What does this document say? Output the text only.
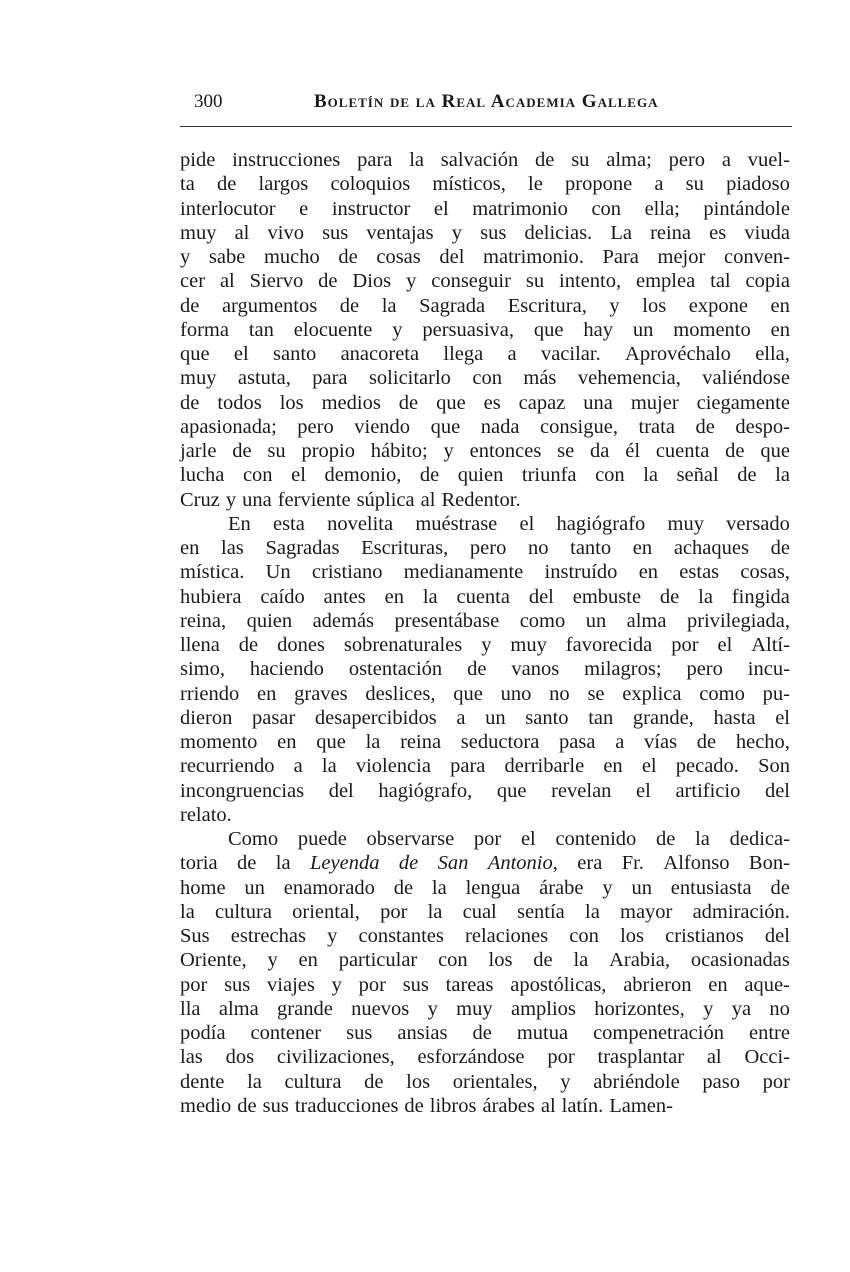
300	Boletín de la Real Academia Gallega
pide instrucciones para la salvación de su alma; pero a vuel-
ta de largos coloquios místicos, le propone a su piadoso
interlocutor e instructor el matrimonio con ella; pintándole
muy al vivo sus ventajas y sus delicias. La reina es viuda
y sabe mucho de cosas del matrimonio. Para mejor conven-
cer al Siervo de Dios y conseguir su intento, emplea tal copia
de argumentos de la Sagrada Escritura, y los expone en
forma tan elocuente y persuasiva, que hay un momento en
que el santo anacoreta llega a vacilar. Aprovéchalo ella,
muy astuta, para solicitarlo con más vehemencia, valiéndose
de todos los medios de que es capaz una mujer ciegamente
apasionada; pero viendo que nada consigue, trata de despo-
jarle de su propio hábito; y entonces se da él cuenta de que
lucha con el demonio, de quien triunfa con la señal de la
Cruz y una ferviente súplica al Redentor.
En esta novelita muéstrase el hagiógrafo muy versado
en las Sagradas Escrituras, pero no tanto en achaques de
mística. Un cristiano medianamente instruído en estas cosas,
hubiera caído antes en la cuenta del embuste de la fingida
reina, quien además presentábase como un alma privilegiada,
llena de dones sobrenaturales y muy favorecida por el Altí-
simo, haciendo ostentación de vanos milagros; pero incu-
rriendo en graves deslices, que uno no se explica como pu-
dieron pasar desapercibidos a un santo tan grande, hasta el
momento en que la reina seductora pasa a vías de hecho,
recurriendo a la violencia para derribarle en el pecado. Son
incongruencias del hagiógrafo, que revelan el artificio del
relato.
Como puede observarse por el contenido de la dedica-
toria de la Leyenda de San Antonio, era Fr. Alfonso Bon-
home un enamorado de la lengua árabe y un entusiasta de
la cultura oriental, por la cual sentía la mayor admiración.
Sus estrechas y constantes relaciones con los cristianos del
Oriente, y en particular con los de la Arabia, ocasionadas
por sus viajes y por sus tareas apostólicas, abrieron en aque-
lla alma grande nuevos y muy amplios horizontes, y ya no
podía contener sus ansias de mutua compenetración entre
las dos civilizaciones, esforzándose por trasplantar al Occi-
dente la cultura de los orientales, y abriéndole paso por
medio de sus traducciones de libros árabes al latín. Lamen-
